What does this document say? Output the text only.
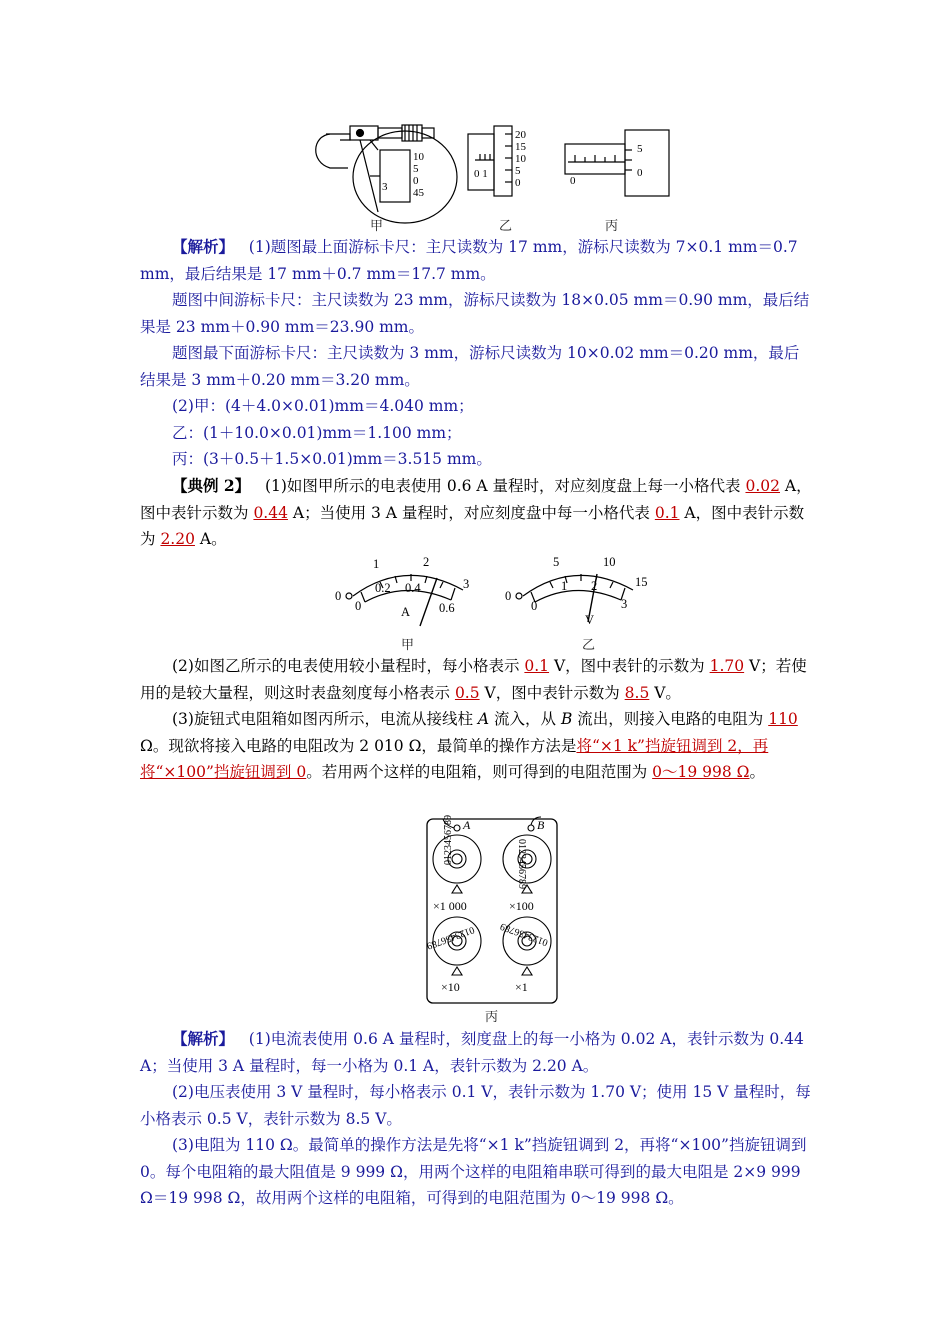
10
5
0
45
3
20
15
10
5
0
0 1
5
0
0
甲	乙	丙
【解析】 (1)题图最上面游标卡尺：主尺读数为 17 mm，游标尺读数为 7×0.1 mm＝0.7 mm，最后结果是 17 mm＋0.7 mm＝17.7 mm。
题图中间游标卡尺：主尺读数为 23 mm，游标尺读数为 18×0.05 mm＝0.90 mm，最后结果是 23 mm＋0.90 mm＝23.90 mm。
题图最下面游标卡尺：主尺读数为 3 mm，游标尺读数为 10×0.02 mm＝0.20 mm，最后结果是 3 mm＋0.20 mm＝3.20 mm。
(2)甲：(4＋4.0×0.01)mm＝4.040 mm；
乙：(1＋10.0×0.01)mm＝1.100 mm；
丙：(3＋0.5＋1.5×0.01)mm＝3.515 mm。
【典例 2】 (1)如图甲所示的电表使用 0.6 A 量程时，对应刻度盘上每一小格代表 0.02 A，图中表针示数为 0.44 A；当使用 3 A 量程时，对应刻度盘中每一小格代表 0.1 A，图中表针示数为 2.20 A。
1	2
0.2 0.4
0
0
3
0.6
A
5	10
1 2
0
0
15
3
V
甲	乙
(2)如图乙所示的电表使用较小量程时，每小格表示 0.1 V，图中表针的示数为 1.70 V；若使用的是较大量程，则这时表盘刻度每小格表示 0.5 V，图中表针示数为 8.5 V。
(3)旋钮式电阻箱如图丙所示，电流从接线柱 A 流入，从 B 流出，则接入电路的电阻为 110 Ω。现欲将接入电路的电阻改为 2 010 Ω，最简单的操作方法是将“×1 k”挡旋钮调到 2，再将“×100”挡旋钮调到 0。若用两个这样的电阻箱，则可得到的电阻范围为 0～19 998 Ω。
0123456789	0123456789
0123456789 0123456789
A	B
×1 000	×100
×10	×1
丙
【解析】 (1)电流表使用 0.6 A 量程时，刻度盘上的每一小格为 0.02 A，表针示数为 0.44 A；当使用 3 A 量程时，每一小格为 0.1 A，表针示数为 2.20 A。
(2)电压表使用 3 V 量程时，每小格表示 0.1 V，表针示数为 1.70 V；使用 15 V 量程时，每小格表示 0.5 V，表针示数为 8.5 V。
(3)电阻为 110 Ω。最简单的操作方法是先将“×1 k”挡旋钮调到 2，再将“×100”挡旋钮调到 0。每个电阻箱的最大阻值是 9 999 Ω，用两个这样的电阻箱串联可得到的最大电阻是 2×9 999 Ω＝19 998 Ω，故用两个这样的电阻箱，可得到的电阻范围为 0～19 998 Ω。
